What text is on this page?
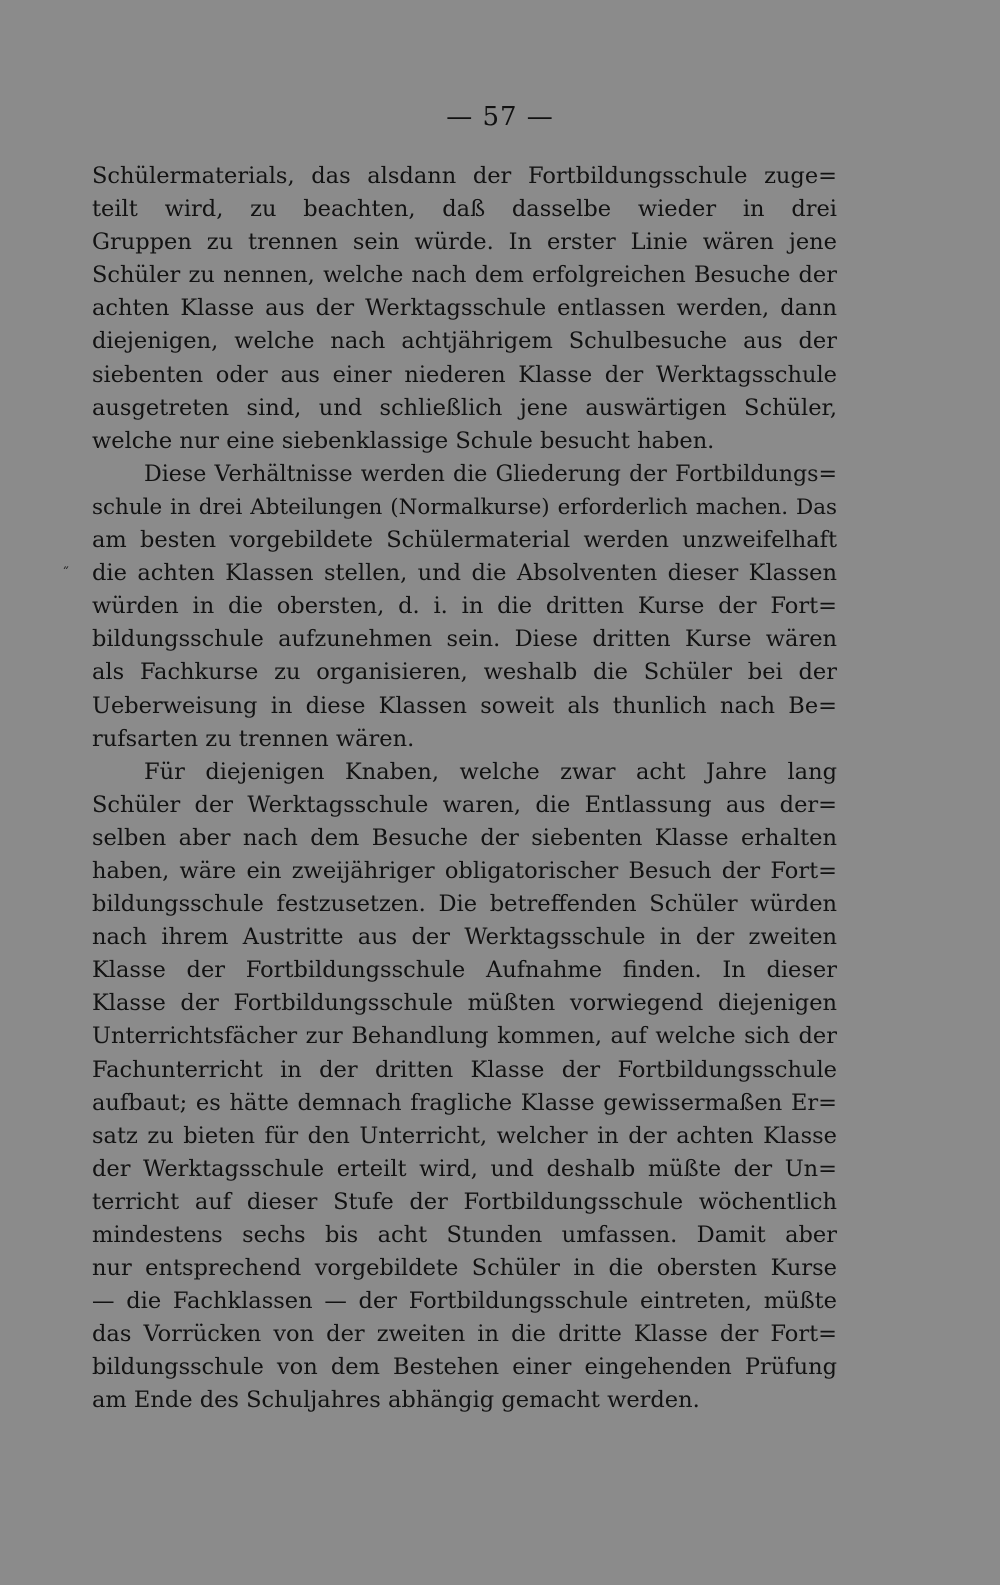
— 57 —
˝
Schülermaterials, das alsdann der Fortbildungsschule zuge=
teilt wird, zu beachten, daß dasselbe wieder in drei
Gruppen zu trennen sein würde. In erster Linie wären jene
Schüler zu nennen, welche nach dem erfolgreichen Besuche der
achten Klasse aus der Werktagsschule entlassen werden, dann
diejenigen, welche nach achtjährigem Schulbesuche aus der
siebenten oder aus einer niederen Klasse der Werktagsschule
ausgetreten sind, und schließlich jene auswärtigen Schüler,
welche nur eine siebenklassige Schule besucht haben.
Diese Verhältnisse werden die Gliederung der Fortbildungs=
schule in drei Abteilungen (Normalkurse) erforderlich machen. Das
am besten vorgebildete Schülermaterial werden unzweifelhaft
die achten Klassen stellen, und die Absolventen dieser Klassen
würden in die obersten, d. i. in die dritten Kurse der Fort=
bildungsschule aufzunehmen sein. Diese dritten Kurse wären
als Fachkurse zu organisieren, weshalb die Schüler bei der
Ueberweisung in diese Klassen soweit als thunlich nach Be=
rufsarten zu trennen wären.
Für diejenigen Knaben, welche zwar acht Jahre lang
Schüler der Werktagsschule waren, die Entlassung aus der=
selben aber nach dem Besuche der siebenten Klasse erhalten
haben, wäre ein zweijähriger obligatorischer Besuch der Fort=
bildungsschule festzusetzen. Die betreffenden Schüler würden
nach ihrem Austritte aus der Werktagsschule in der zweiten
Klasse der Fortbildungsschule Aufnahme finden. In dieser
Klasse der Fortbildungsschule müßten vorwiegend diejenigen
Unterrichtsfächer zur Behandlung kommen, auf welche sich der
Fachunterricht in der dritten Klasse der Fortbildungsschule
aufbaut; es hätte demnach fragliche Klasse gewissermaßen Er=
satz zu bieten für den Unterricht, welcher in der achten Klasse
der Werktagsschule erteilt wird, und deshalb müßte der Un=
terricht auf dieser Stufe der Fortbildungsschule wöchentlich
mindestens sechs bis acht Stunden umfassen. Damit aber
nur entsprechend vorgebildete Schüler in die obersten Kurse
— die Fachklassen — der Fortbildungsschule eintreten, müßte
das Vorrücken von der zweiten in die dritte Klasse der Fort=
bildungsschule von dem Bestehen einer eingehenden Prüfung
am Ende des Schuljahres abhängig gemacht werden.
